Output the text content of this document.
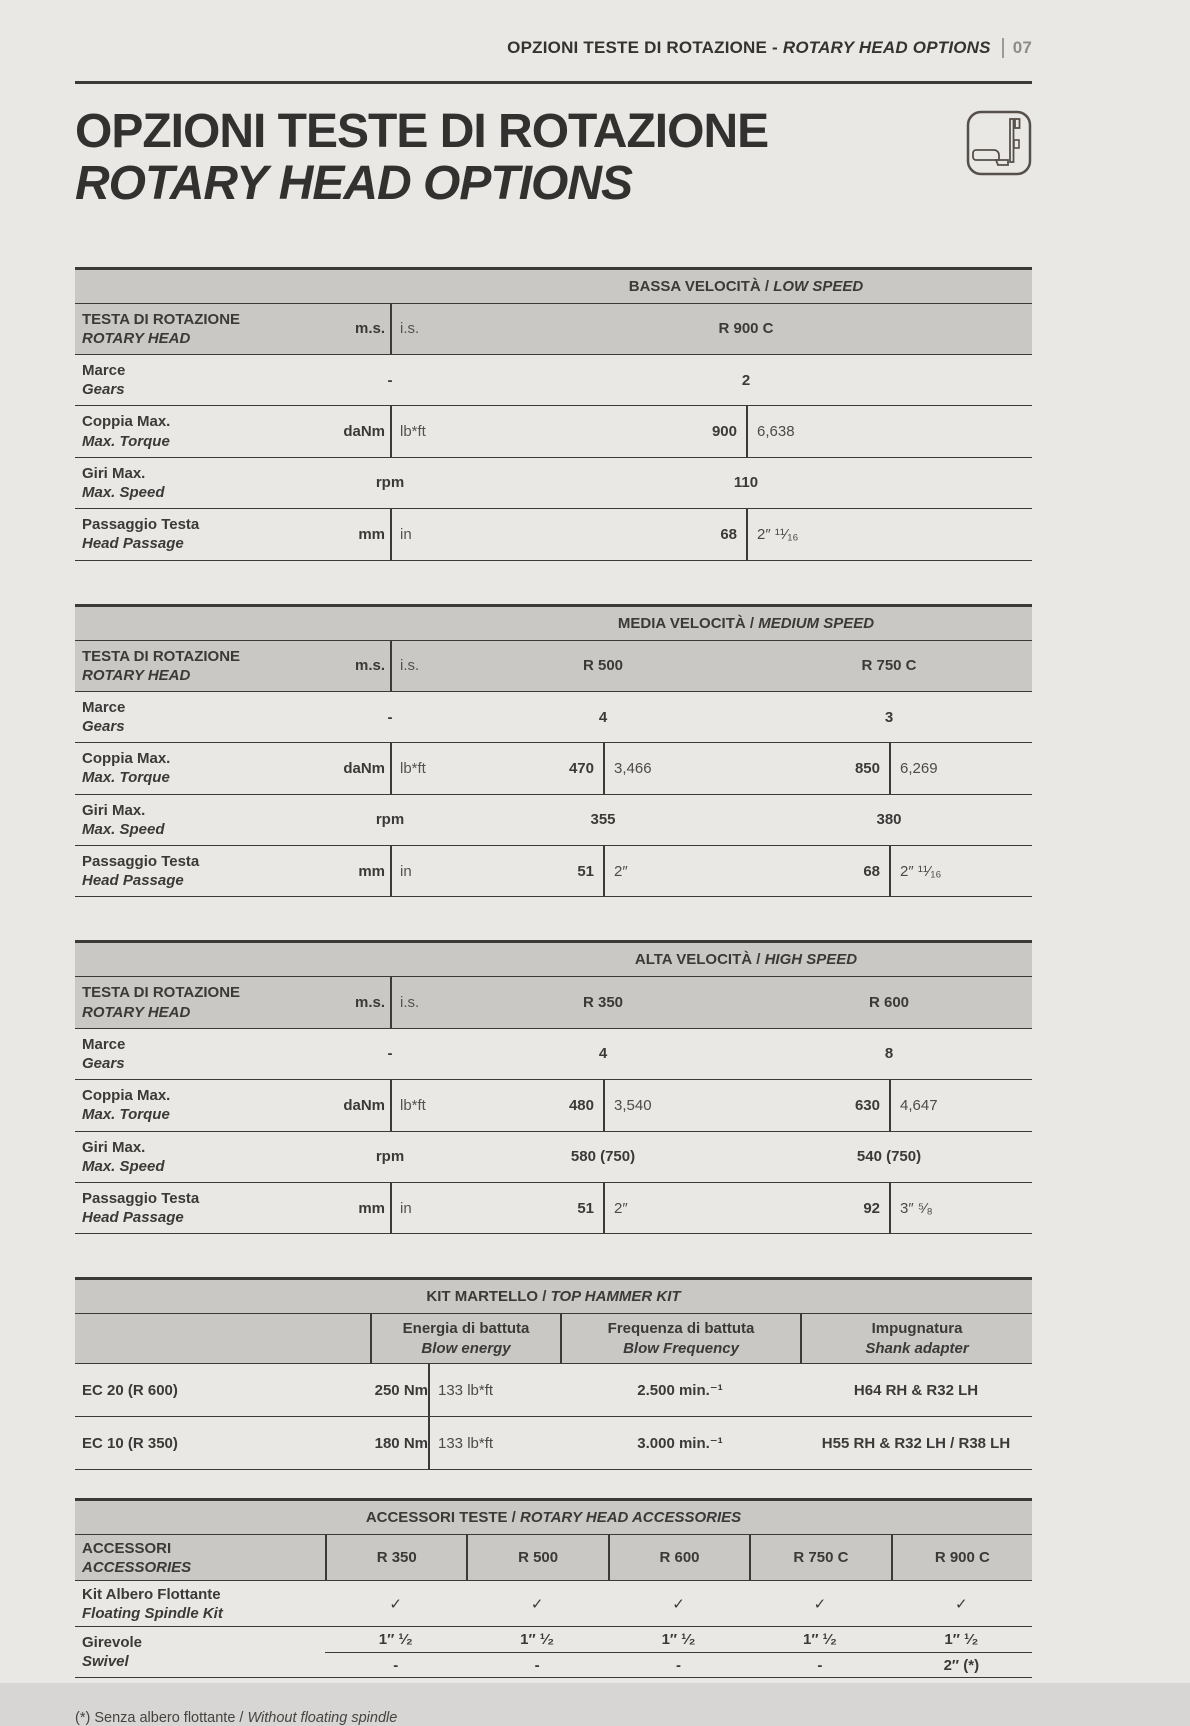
OPZIONI TESTE DI ROTAZIONE - ROTARY HEAD OPTIONS 07
OPZIONI TESTE DI ROTAZIONE
ROTARY HEAD OPTIONS
BASSA VELOCITÀ / LOW SPEED
TESTA DI ROTAZIONE
ROTARY HEAD
m.s.	i.s.	R 900 C
Marce
Gears
-	2
Coppia Max.
Max. Torque
daNm	lb*ft	900	6,638
Giri Max.
Max. Speed
rpm	110
Passaggio Testa
Head Passage
mm	in	68	2″ ¹¹⁄₁₆
MEDIA VELOCITÀ / MEDIUM SPEED
TESTA DI ROTAZIONE
ROTARY HEAD
m.s.	i.s.	R 500	R 750 C
Marce
Gears
-	4	3
Coppia Max.
Max. Torque
daNm	lb*ft	470	3,466	850	6,269
Giri Max.
Max. Speed
rpm	355	380
Passaggio Testa
Head Passage
mm	in	51	2″	68	2″ ¹¹⁄₁₆
ALTA VELOCITÀ / HIGH SPEED
TESTA DI ROTAZIONE
ROTARY HEAD
m.s.	i.s.	R 350	R 600
Marce
Gears
-	4	8
Coppia Max.
Max. Torque
daNm	lb*ft	480	3,540	630	4,647
Giri Max.
Max. Speed
rpm	580 (750)	540 (750)
Passaggio Testa
Head Passage
mm	in	51	2″	92	3″ ⁵⁄₈
KIT MARTELLO / TOP HAMMER KIT
Energia di battuta
Blow energy
Frequenza di battuta
Blow Frequency
Impugnatura
Shank adapter
EC 20 (R 600)	250 Nm 133 lb*ft	2.500 min.⁻¹	H64 RH & R32 LH
EC 10 (R 350)	180 Nm 133 lb*ft	3.000 min.⁻¹	H55 RH & R32 LH / R38 LH
ACCESSORI TESTE / ROTARY HEAD ACCESSORIES
ACCESSORI
ACCESSORIES
R 350	R 500	R 600	R 750 C	R 900 C
Kit Albero Flottante
Floating Spindle Kit
✓	✓	✓	✓	✓
Girevole
Swivel
1″ ¹⁄₂	1″ ¹⁄₂	1″ ¹⁄₂	1″ ¹⁄₂	1″ ¹⁄₂
-	-	-	-	2″ (*)
(*) Senza albero flottante / Without floating spindle
